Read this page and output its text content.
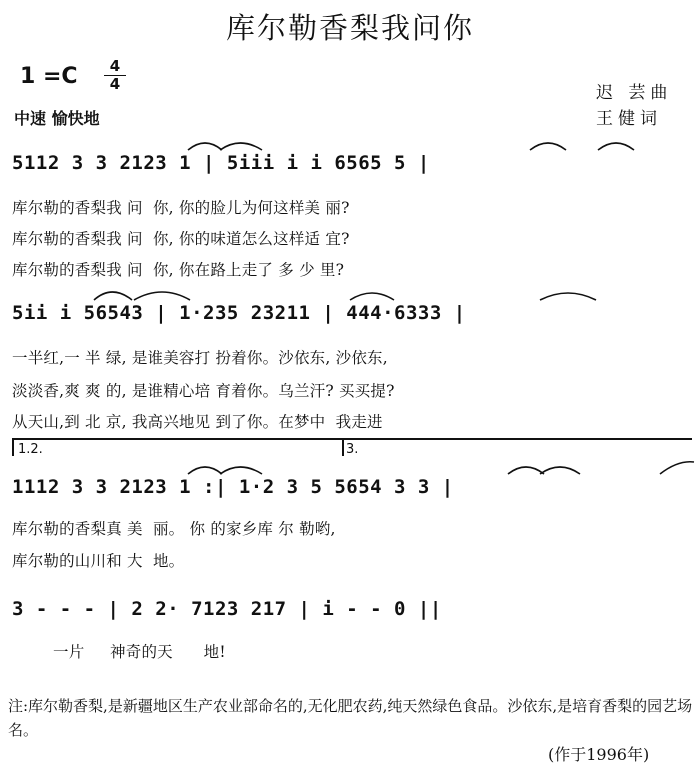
库尔勒香梨我问你
1 =C	4
4
中速 愉快地
迟 芸曲
王健词
5112 3 3 2123 1 | 5iii i i 6565 5 |
库尔勒的香梨我 问  你, 你的脸儿为何这样美 丽?
库尔勒的香梨我 问  你, 你的味道怎么这样适 宜?
库尔勒的香梨我 问  你, 你在路上走了 多 少 里?
5ii i 56543 | 1·235 23211 | 444·6333 |
一半红,一 半 绿, 是谁美容打 扮着你。沙依东, 沙依东,
淡淡香,爽 爽 的, 是谁精心培 育着你。乌兰汗? 买买提?
从天山,到 北 京, 我高兴地见 到了你。在梦中  我走进
1.2.	3.
1112 3 3 2123 1 :| 1·2 3 5 5654 3 3 |
库尔勒的香梨真 美  丽。 你 的家乡库 尔 勒哟,
库尔勒的山川和 大  地。
3 - - - | 2 2· 7123 217 | i - - 0 ||
一片     神奇的天      地!
注:库尔勒香梨,是新疆地区生产农业部命名的,无化肥农药,纯天然绿色食品。沙依东,是培育香梨的园艺场名。
(作于1996年)
